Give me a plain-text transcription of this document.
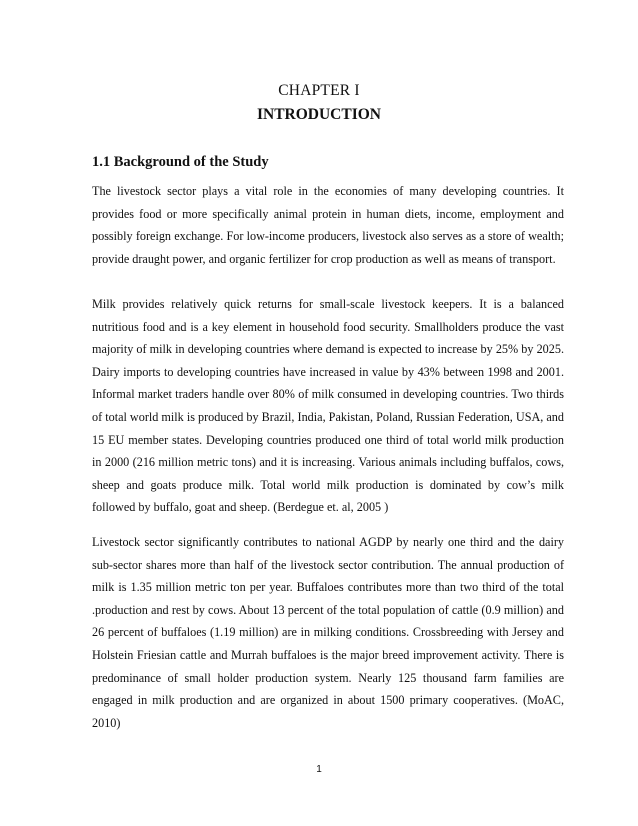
CHAPTER I
INTRODUCTION
1.1 Background of the Study

The livestock sector plays a vital role in the economies of many developing countries. It provides food or more specifically animal protein in human diets, income, employment and possibly foreign exchange. For low-income producers, livestock also serves as a store of wealth; provide draught power, and organic fertilizer for crop production as well as means of transport.

Milk provides relatively quick returns for small-scale livestock keepers. It is a balanced nutritious food and is a key element in household food security. Smallholders produce the vast majority of milk in developing countries where demand is expected to increase by 25% by 2025. Dairy imports to developing countries have increased in value by 43% between 1998 and 2001. Informal market traders handle over 80% of milk consumed in developing countries. Two thirds of total world milk is produced by Brazil, India, Pakistan, Poland, Russian Federation, USA, and 15 EU member states. Developing countries produced one third of total world milk production in 2000 (216 million metric tons) and it is increasing. Various animals including buffalos, cows, sheep and goats produce milk. Total world milk production is dominated by cow’s milk followed by buffalo, goat and sheep. (Berdegue et. al, 2005 )

Livestock sector significantly contributes to national AGDP by nearly one third and the dairy sub-sector shares more than half of the livestock sector contribution. The annual production of milk is 1.35 million metric ton per year. Buffaloes contributes more than two third of the total .production and rest by cows. About 13 percent of the total population of cattle (0.9 million) and 26 percent of buffaloes (1.19 million) are in milking conditions. Crossbreeding with Jersey and Holstein Friesian cattle and Murrah buffaloes is the major breed improvement activity. There is predominance of small holder production system. Nearly 125 thousand farm families are engaged in milk production and are organized in about 1500 primary cooperatives. (MoAC, 2010)

1
